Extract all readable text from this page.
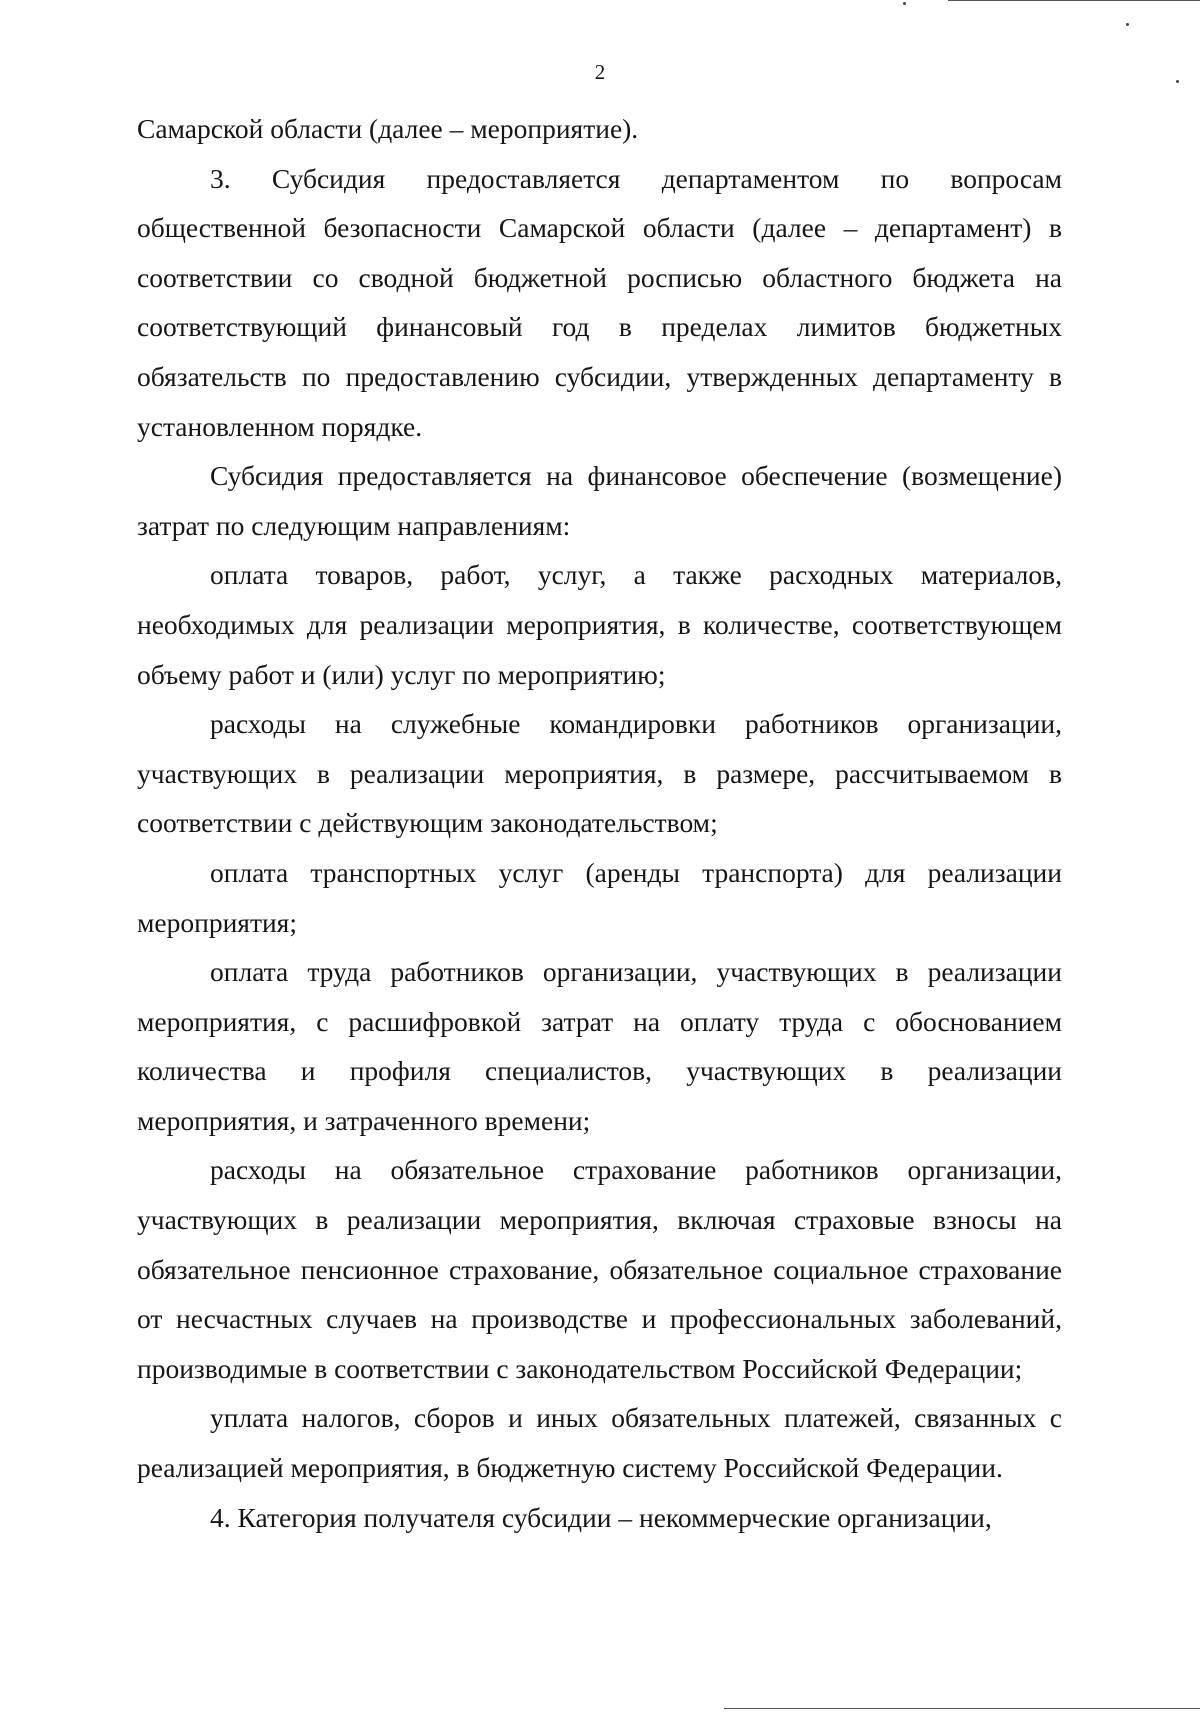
2

Самарской области (далее – мероприятие).

3. Субсидия предоставляется департаментом по вопросам общественной безопасности Самарской области (далее – департамент) в соответствии со сводной бюджетной росписью областного бюджета на соответствующий финансовый год в пределах лимитов бюджетных обязательств по предоставлению субсидии, утвержденных департаменту в установленном порядке.

Субсидия предоставляется на финансовое обеспечение (возмещение) затрат по следующим направлениям:

оплата товаров, работ, услуг, а также расходных материалов, необходимых для реализации мероприятия, в количестве, соответствующем объему работ и (или) услуг по мероприятию;

расходы на служебные командировки работников организации, участвующих в реализации мероприятия, в размере, рассчитываемом в соответствии с действующим законодательством;

оплата транспортных услуг (аренды транспорта) для реализации мероприятия;

оплата труда работников организации, участвующих в реализации мероприятия, с расшифровкой затрат на оплату труда с обоснованием количества и профиля специалистов, участвующих в реализации мероприятия, и затраченного времени;

расходы на обязательное страхование работников организации, участвующих в реализации мероприятия, включая страховые взносы на обязательное пенсионное страхование, обязательное социальное страхование от несчастных случаев на производстве и профессиональных заболеваний, производимые в соответствии с законодательством Российской Федерации;

уплата налогов, сборов и иных обязательных платежей, связанных с реализацией мероприятия, в бюджетную систему Российской Федерации.

4. Категория получателя субсидии – некоммерческие организации,
